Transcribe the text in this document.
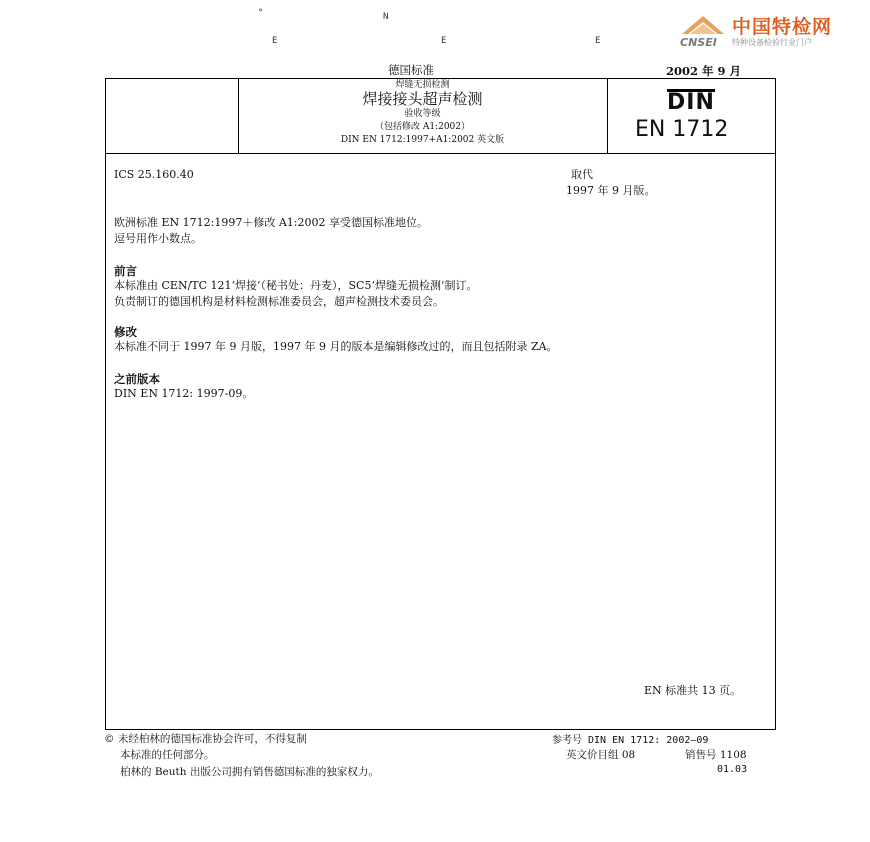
°	N
E	E	E
中国特检网
CNSEI 特种设备检验行业门户
德国标准	2002 年 9 月
焊缝无损检测
焊接接头超声检测
验收等级
（包括修改 A1:2002）
DIN EN 1712:1997+A1:2002 英文版
DIN
EN 1712
ICS 25.160.40	取代
1997 年 9 月版。
欧洲标准 EN 1712:1997＋修改 A1:2002 享受德国标准地位。
逗号用作小数点。
前言
本标准由 CEN/TC 121‘焊接’（秘书处：丹麦），SC5‘焊缝无损检测’制订。
负责制订的德国机构是材料检测标准委员会，超声检测技术委员会。
修改
本标准不同于 1997 年 9 月版，1997 年 9 月的版本是编辑修改过的，而且包括附录 ZA。
之前版本
DIN EN 1712: 1997-09。
EN 标准共 13 页。
© 未经柏林的德国标准协会许可，不得复制
本标准的任何部分。
柏林的 Beuth 出版公司拥有销售德国标准的独家权力。
参考号 DIN EN 1712: 2002—09
英文价目组 08	销售号 1108
01.03
